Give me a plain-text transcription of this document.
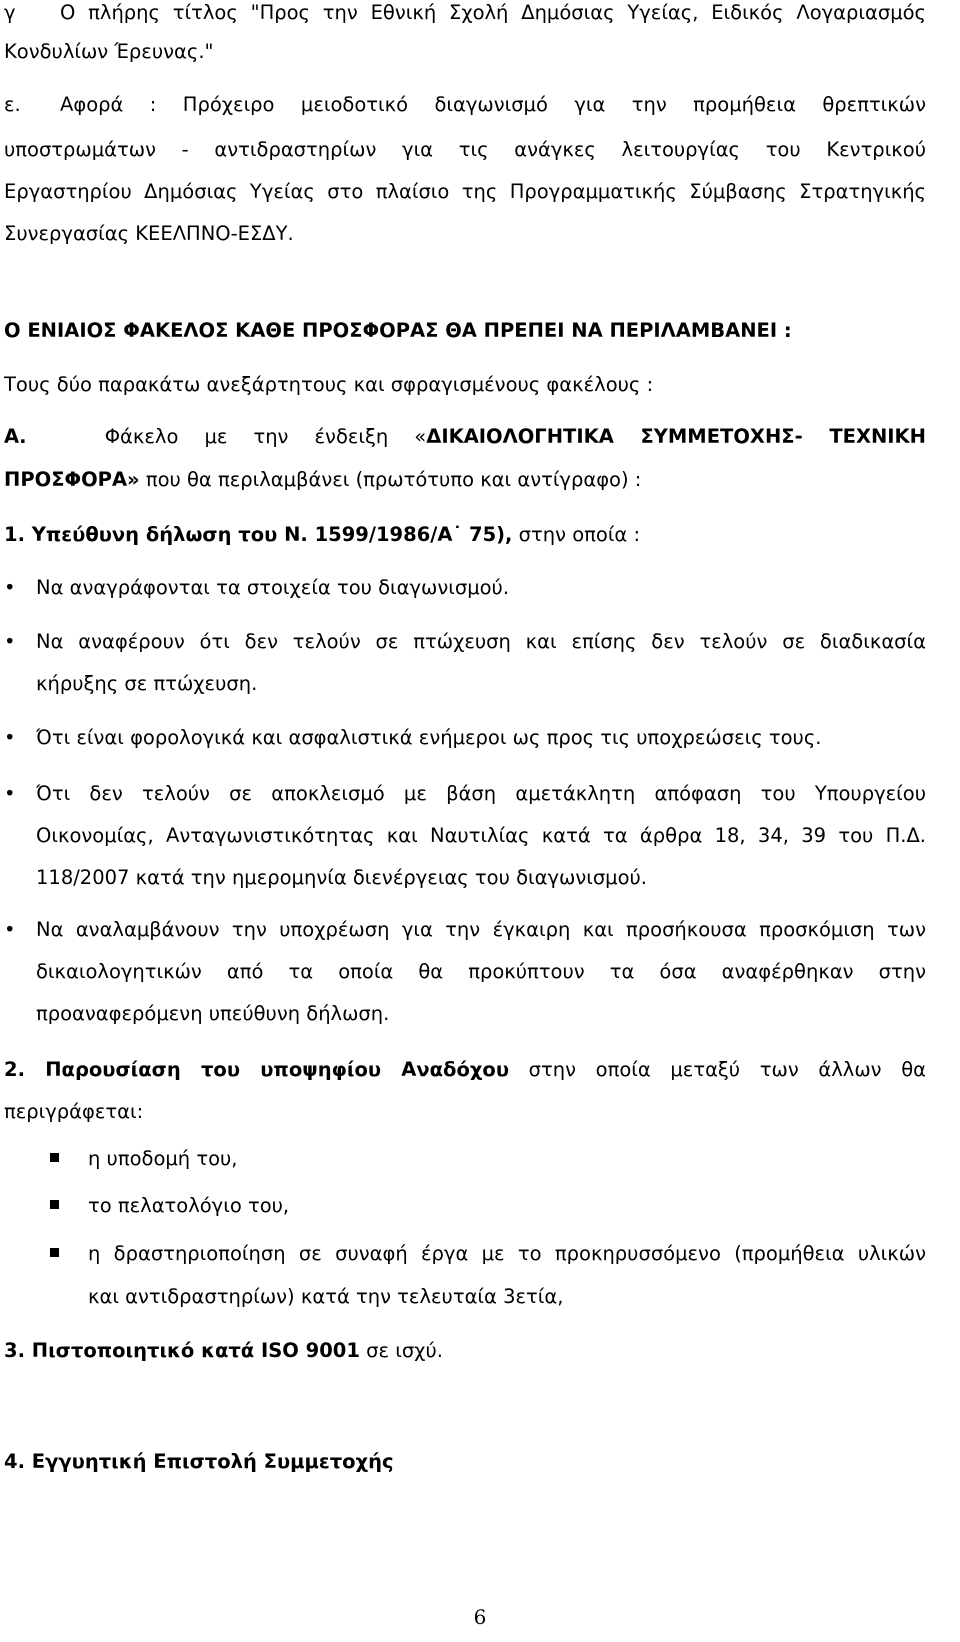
γ Ο πλήρης τίτλος "Προς την Εθνική Σχολή Δημόσιας Υγείας, Ειδικός Λογαριασμός

Κονδυλίων Έρευνας."

ε. Αφορά : Πρόχειρο μειοδοτικό διαγωνισμό για την προμήθεια θρεπτικών

υποστρωμάτων - αντιδραστηρίων για τις ανάγκες λειτουργίας του Κεντρικού

Εργαστηρίου Δημόσιας Υγείας στο πλαίσιο της Προγραμματικής Σύμβασης Στρατηγικής

Συνεργασίας ΚΕΕΛΠΝΟ-ΕΣΔΥ.

Ο ΕΝΙΑΙΟΣ ΦΑΚΕΛΟΣ ΚΑΘΕ ΠΡΟΣΦΟΡΑΣ ΘΑ ΠΡΕΠΕΙ ΝΑ ΠΕΡΙΛΑΜΒΑΝΕΙ :

Τους δύο παρακάτω ανεξάρτητους και σφραγισμένους φακέλους :

Α.	Φάκελο με την ένδειξη «ΔΙΚΑΙΟΛΟΓΗΤΙΚΑ ΣΥΜΜΕΤΟΧΗΣ- ΤΕΧΝΙΚΗ

ΠΡΟΣΦΟΡΑ» που θα περιλαμβάνει (πρωτότυπο και αντίγραφο) :

1. Υπεύθυνη δήλωση του Ν. 1599/1986/Α˙ 75), στην οποία :

• Να αναγράφονται τα στοιχεία του διαγωνισμού.

• Να αναφέρουν ότι δεν τελούν σε πτώχευση και επίσης δεν τελούν σε διαδικασία

κήρυξης σε πτώχευση.

• Ότι είναι φορολογικά και ασφαλιστικά ενήμεροι ως προς τις υποχρεώσεις τους.

• Ότι δεν τελούν σε αποκλεισμό με βάση αμετάκλητη απόφαση του Υπουργείου

Οικονομίας, Ανταγωνιστικότητας και Ναυτιλίας κατά τα άρθρα 18, 34, 39 του Π.Δ.

118/2007 κατά την ημερομηνία διενέργειας του διαγωνισμού.

• Να αναλαμβάνουν την υποχρέωση για την έγκαιρη και προσήκουσα προσκόμιση των

δικαιολογητικών από τα οποία θα προκύπτουν τα όσα αναφέρθηκαν στην

προαναφερόμενη υπεύθυνη δήλωση.

2. Παρουσίαση του υποψηφίου Αναδόχου στην οποία μεταξύ των άλλων θα

περιγράφεται:

η υποδομή του,

το πελατολόγιο του,

η δραστηριοποίηση σε συναφή έργα με το προκηρυσσόμενο (προμήθεια υλικών

και αντιδραστηρίων) κατά την τελευταία 3ετία,

3. Πιστοποιητικό κατά ISO 9001 σε ισχύ.

4. Εγγυητική Επιστολή Συμμετοχής

6
